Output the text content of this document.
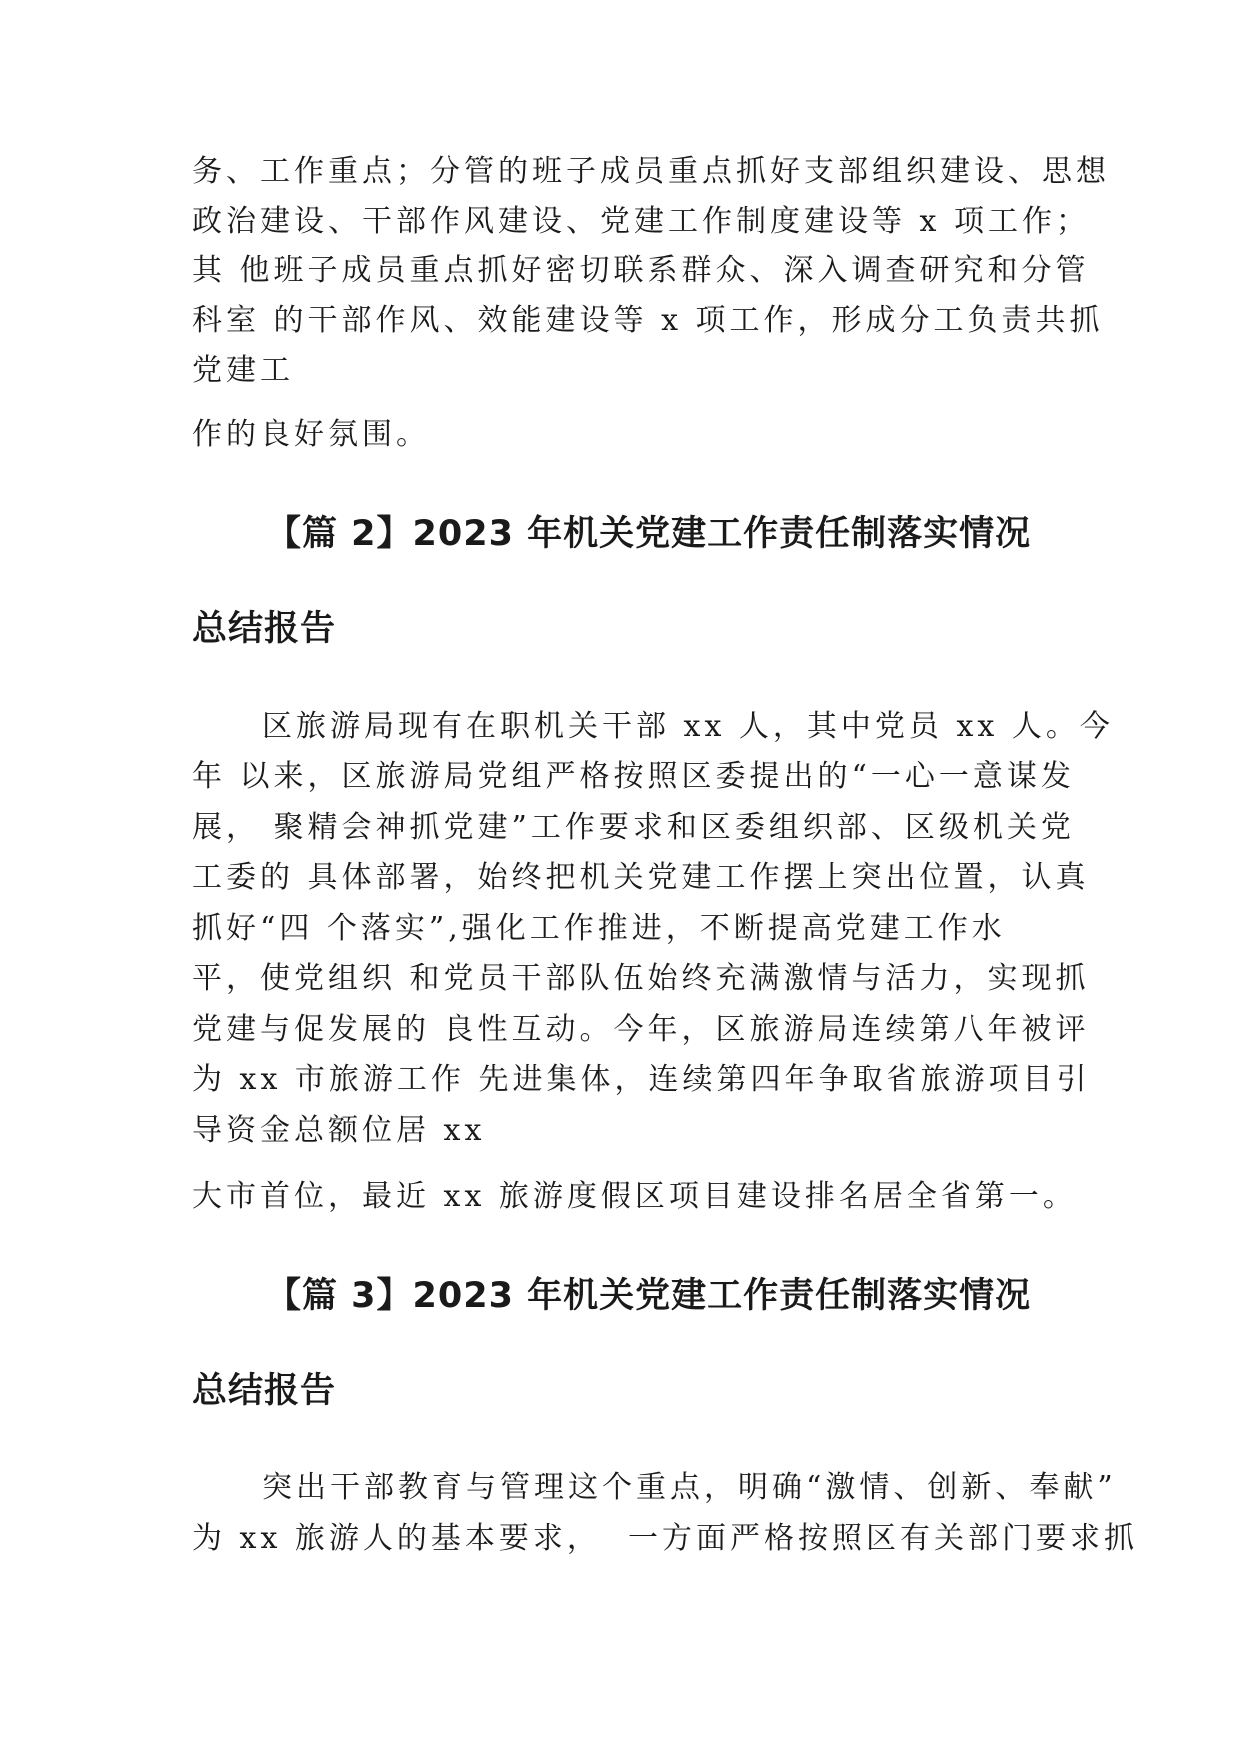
务、工作重点；分管的班子成员重点抓好支部组织建设、思想
政治建设、干部作风建设、党建工作制度建设等 x 项工作；
其 他班子成员重点抓好密切联系群众、深入调查研究和分管
科室 的干部作风、效能建设等 x 项工作，形成分工负责共抓
党建工
作的良好氛围。
【篇 2】2023 年机关党建工作责任制落实情况
总结报告
区旅游局现有在职机关干部 xx 人，其中党员 xx 人。今
年 以来，区旅游局党组严格按照区委提出的“一心一意谋发
展， 聚精会神抓党建”工作要求和区委组织部、区级机关党
工委的 具体部署，始终把机关党建工作摆上突出位置，认真
抓好“四 个落实”,强化工作推进，不断提高党建工作水
平，使党组织 和党员干部队伍始终充满激情与活力，实现抓
党建与促发展的 良性互动。今年，区旅游局连续第八年被评
为 xx 市旅游工作 先进集体，连续第四年争取省旅游项目引
导资金总额位居 xx
大市首位，最近 xx 旅游度假区项目建设排名居全省第一。
【篇 3】2023 年机关党建工作责任制落实情况
总结报告
突出干部教育与管理这个重点，明确“激情、创新、奉献”
为 xx 旅游人的基本要求，  一方面严格按照区有关部门要求抓
